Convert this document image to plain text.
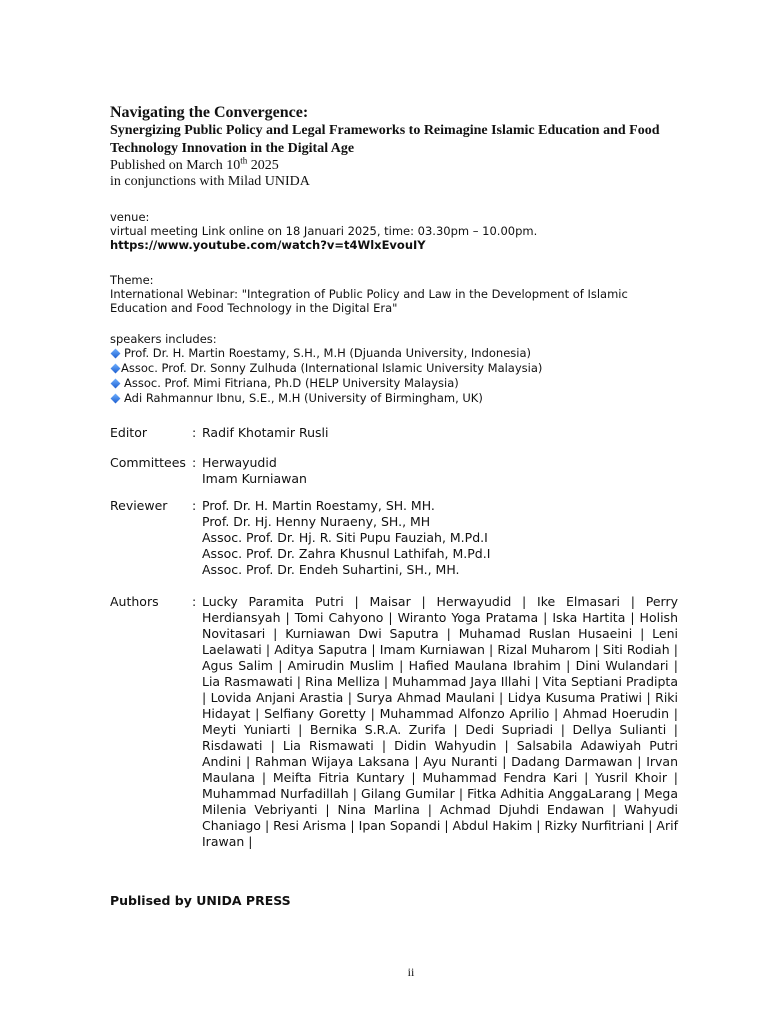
Navigating the Convergence:
Synergizing Public Policy and Legal Frameworks to Reimagine Islamic Education and Food Technology Innovation in the Digital Age

Published on March 10th 2025

in conjunctions with Milad UNIDA

venue:
virtual meeting Link online on 18 Januari 2025, time: 03.30pm – 10.00pm.
https://www.youtube.com/watch?v=t4WlxEvouIY
Theme:
International Webinar: "Integration of Public Policy and Law in the Development of Islamic Education and Food Technology in the Digital Era"
speakers includes:
Prof. Dr. H. Martin Roestamy, S.H., M.H (Djuanda University, Indonesia)
Assoc. Prof. Dr. Sonny Zulhuda (International Islamic University Malaysia)
Assoc. Prof. Mimi Fitriana, Ph.D (HELP University Malaysia)
Adi Rahmannur Ibnu, S.E., M.H (University of Birmingham, UK)
Editor	: Radif Khotamir Rusli
Committees : Herwayudid
Imam Kurniawan
Reviewer	: Prof. Dr. H. Martin Roestamy, SH. MH.
Prof. Dr. Hj. Henny Nuraeny, SH., MH
Assoc. Prof. Dr. Hj. R. Siti Pupu Fauziah, M.Pd.I
Assoc. Prof. Dr. Zahra Khusnul Lathifah, M.Pd.I
Assoc. Prof. Dr. Endeh Suhartini, SH., MH.
Authors	: Lucky Paramita Putri | Maisar | Herwayudid | Ike Elmasari | Perry Herdiansyah | Tomi Cahyono | Wiranto Yoga Pratama | Iska Hartita | Holish Novitasari | Kurniawan Dwi Saputra | Muhamad Ruslan Husaeini | Leni Laelawati | Aditya Saputra | Imam Kurniawan | Rizal Muharom | Siti Rodiah | Agus Salim | Amirudin Muslim | Hafied Maulana Ibrahim | Dini Wulandari | Lia Rasmawati | Rina Melliza | Muhammad Jaya Illahi | Vita Septiani Pradipta | Lovida Anjani Arastia | Surya Ahmad Maulani | Lidya Kusuma Pratiwi | Riki Hidayat | Selfiany Goretty | Muhammad Alfonzo Aprilio | Ahmad Hoerudin | Meyti Yuniarti | Bernika S.R.A. Zurifa | Dedi Supriadi | Dellya Sulianti | Risdawati | Lia Rismawati | Didin Wahyudin | Salsabila Adawiyah Putri Andini | Rahman Wijaya Laksana | Ayu Nuranti | Dadang Darmawan | Irvan Maulana | Meifta Fitria Kuntary | Muhammad Fendra Kari | Yusril Khoir | Muhammad Nurfadillah | Gilang Gumilar | Fitka Adhitia AnggaLarang | Mega Milenia Vebriyanti | Nina Marlina | Achmad Djuhdi Endawan | Wahyudi Chaniago | Resi Arisma | Ipan Sopandi | Abdul Hakim | Rizky Nurfitriani | Arif Irawan |
Publised by UNIDA PRESS
ii
